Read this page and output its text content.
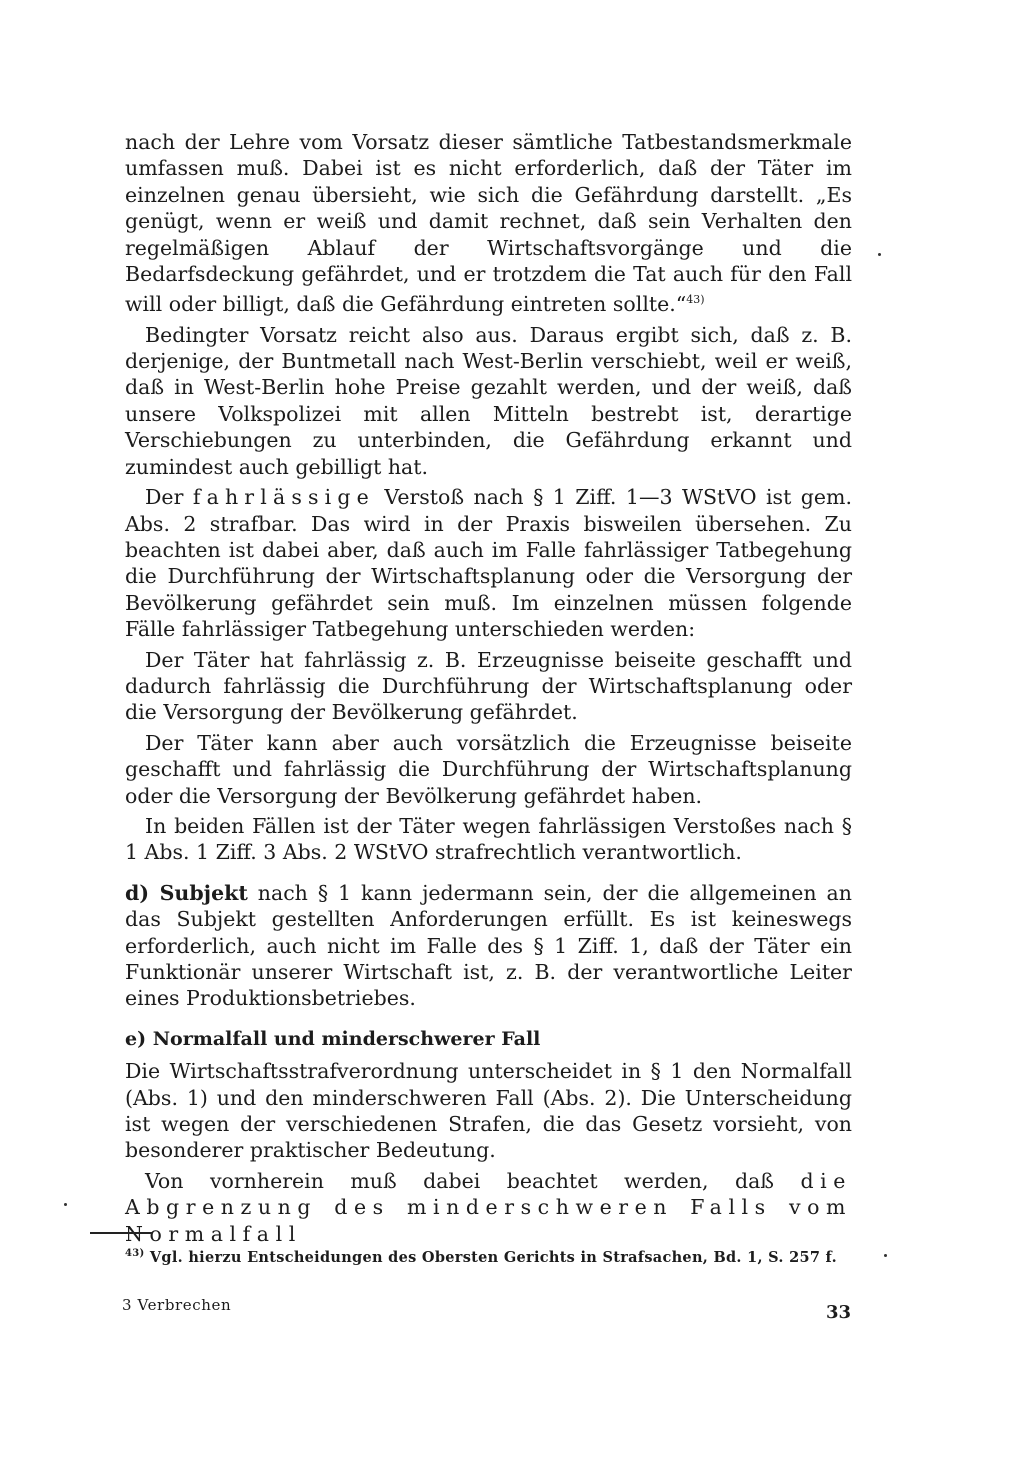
nach der Lehre vom Vorsatz dieser sämtliche Tatbestandsmerkmale umfassen muß. Dabei ist es nicht erforderlich, daß der Täter im einzelnen genau übersieht, wie sich die Gefährdung darstellt. „Es genügt, wenn er weiß und damit rechnet, daß sein Verhalten den regelmäßigen Ablauf der Wirtschaftsvorgänge und die Bedarfsdeckung gefährdet, und er trotzdem die Tat auch für den Fall will oder billigt, daß die Gefährdung eintreten sollte.“$^{43)}$

Bedingter Vorsatz reicht also aus. Daraus ergibt sich, daß z. B. derjenige, der Buntmetall nach West-Berlin verschiebt, weil er weiß, daß in West-Berlin hohe Preise gezahlt werden, und der weiß, daß unsere Volkspolizei mit allen Mitteln bestrebt ist, derartige Verschiebungen zu unterbinden, die Gefährdung erkannt und zumindest auch gebilligt hat.

Der fahrlässige Verstoß nach § 1 Ziff. 1—3 WStVO ist gem. Abs. 2 strafbar. Das wird in der Praxis bisweilen übersehen. Zu beachten ist dabei aber, daß auch im Falle fahrlässiger Tatbegehung die Durchführung der Wirtschaftsplanung oder die Versorgung der Bevölkerung gefährdet sein muß. Im einzelnen müssen folgende Fälle fahrlässiger Tatbegehung unterschieden werden:

Der Täter hat fahrlässig z. B. Erzeugnisse beiseite geschafft und dadurch fahrlässig die Durchführung der Wirtschaftsplanung oder die Versorgung der Bevölkerung gefährdet.

Der Täter kann aber auch vorsätzlich die Erzeugnisse beiseite geschafft und fahrlässig die Durchführung der Wirtschaftsplanung oder die Versorgung der Bevölkerung gefährdet haben.

In beiden Fällen ist der Täter wegen fahrlässigen Verstoßes nach § 1 Abs. 1 Ziff. 3 Abs. 2 WStVO strafrechtlich verantwortlich.

d) Subjekt nach § 1 kann jedermann sein, der die allgemeinen an das Subjekt gestellten Anforderungen erfüllt. Es ist keineswegs erforderlich, auch nicht im Falle des § 1 Ziff. 1, daß der Täter ein Funktionär unserer Wirtschaft ist, z. B. der verantwortliche Leiter eines Produktionsbetriebes.

e) Normalfall und minderschwerer Fall

Die Wirtschaftsstrafverordnung unterscheidet in § 1 den Normalfall (Abs. 1) und den minderschweren Fall (Abs. 2). Die Unterscheidung ist wegen der verschiedenen Strafen, die das Gesetz vorsieht, von besonderer praktischer Bedeutung.

Von vornherein muß dabei beachtet werden, daß die Abgrenzung des minderschweren Falls vom Normalfall

$^{43)}$ Vgl. hierzu Entscheidungen des Obersten Gerichts in Strafsachen, Bd. 1, S. 257 f.
3 Verbrechen	33
